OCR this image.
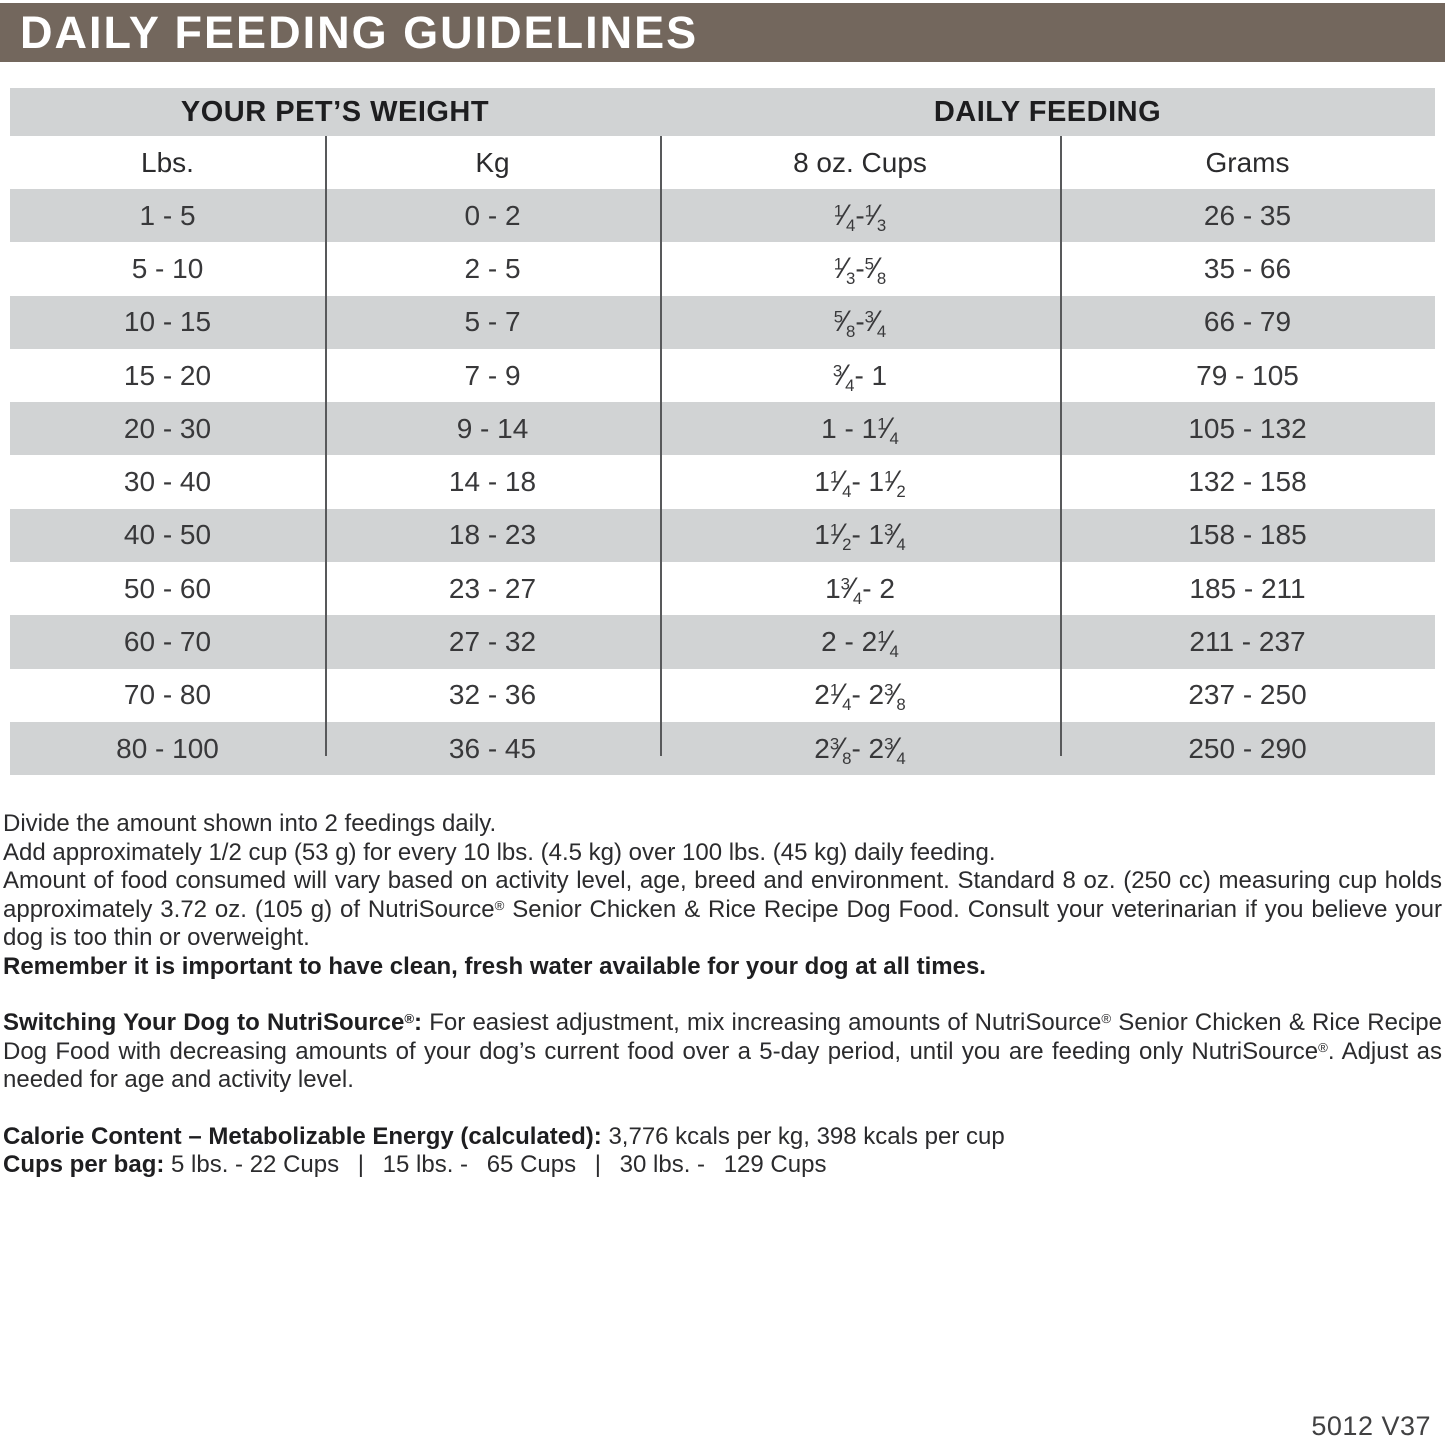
DAILY FEEDING GUIDELINES
YOUR PET’S WEIGHT	DAILY FEEDING
Lbs.	Kg	8 oz. Cups	Grams
1 - 5	0 - 2	$^1⁄_4$ - $^1⁄_3$	26 - 35
5 - 10	2 - 5	$^1⁄_3$ - $^5⁄_8$	35 - 66
10 - 15	5 - 7	$^5⁄_8$ - $^3⁄_4$	66 - 79
15 - 20	7 - 9	$^3⁄_4 - 1$	79 - 105
20 - 30	9 - 14	1 - 1 $^1⁄_4$	105 - 132
30 - 40	14 - 18	1 $^1⁄_4 - 1$ $^1⁄_2$	132 - 158
40 - 50	18 - 23	1 $^1⁄_2 - 1$ $^3⁄_4$	158 - 185
50 - 60	23 - 27	1 $^3⁄_4 - 2$	185 - 211
60 - 70	27 - 32	2 - 2 $^1⁄_4$	211 - 237
70 - 80	32 - 36	2 $^1⁄_4 - 2$ $^3⁄_8$	237 - 250
80 - 100	36 - 45	2 $^3⁄_8 - 2$ $^3⁄_4$	250 - 290

Divide the amount shown into 2 feedings daily.

Add approximately 1/2 cup (53 g) for every 10 lbs. (4.5 kg) over 100 lbs. (45 kg) daily feeding.

Amount of food consumed will vary based on activity level, age, breed and environment. Standard 8 oz. (250 cc) measuring cup holds approximately 3.72 oz. (105 g) of NutriSource® Senior Chicken & Rice Recipe Dog Food. Consult your veterinarian if you believe your dog is too thin or overweight.

Remember it is important to have clean, fresh water available for your dog at all times.

Switching Your Dog to NutriSource®: For easiest adjustment, mix increasing amounts of NutriSource® Senior Chicken & Rice Recipe Dog Food with decreasing amounts of your dog’s current food over a 5-day period, until you are feeding only NutriSource®. Adjust as needed for age and activity level.

Calorie Content – Metabolizable Energy (calculated): 3,776 kcals per kg, 398 kcals per cup

Cups per bag: 5 lbs. - 22 Cups  |  15 lbs. -  65 Cups  |  30 lbs. -  129 Cups

5012 V37
